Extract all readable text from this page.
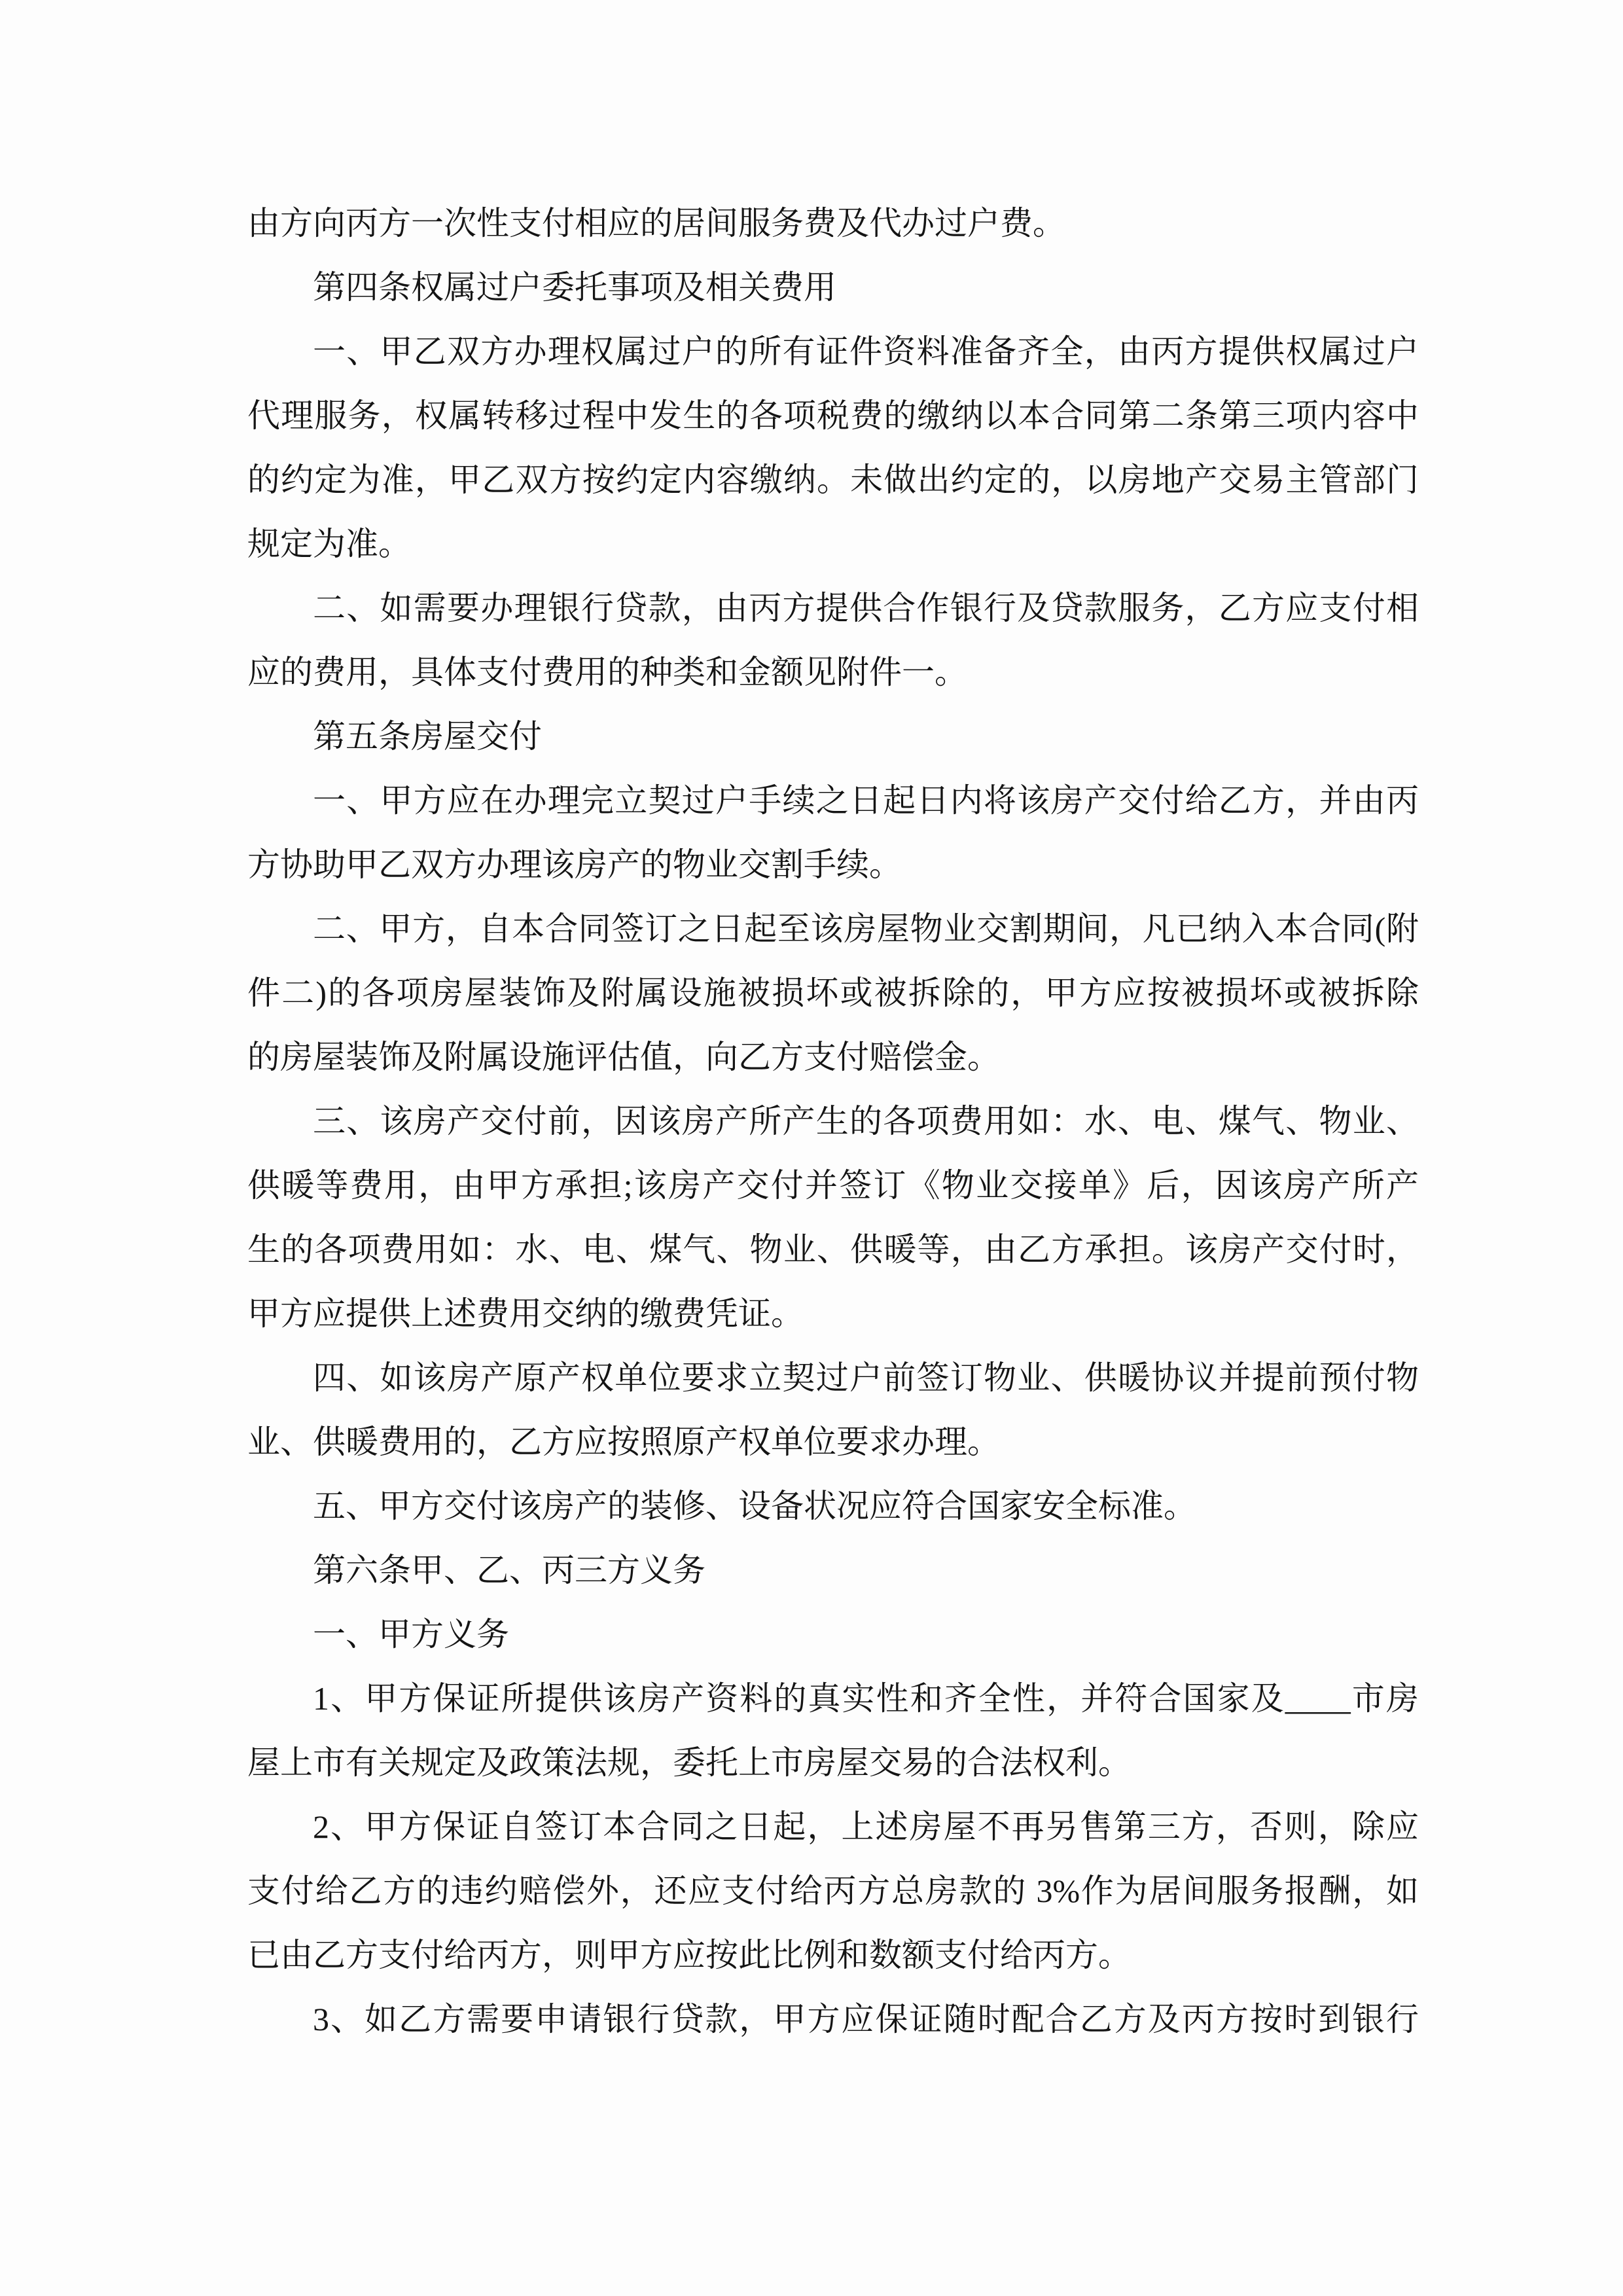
由方向丙方一次性支付相应的居间服务费及代办过户费。
第四条权属过户委托事项及相关费用
一、甲乙双方办理权属过户的所有证件资料准备齐全，由丙方提供权属过户
代理服务，权属转移过程中发生的各项税费的缴纳以本合同第二条第三项内容中
的约定为准，甲乙双方按约定内容缴纳。未做出约定的，以房地产交易主管部门
规定为准。
二、如需要办理银行贷款，由丙方提供合作银行及贷款服务，乙方应支付相
应的费用，具体支付费用的种类和金额见附件一。
第五条房屋交付
一、甲方应在办理完立契过户手续之日起日内将该房产交付给乙方，并由丙
方协助甲乙双方办理该房产的物业交割手续。
二、甲方，自本合同签订之日起至该房屋物业交割期间，凡已纳入本合同(附
件二)的各项房屋装饰及附属设施被损坏或被拆除的，甲方应按被损坏或被拆除
的房屋装饰及附属设施评估值，向乙方支付赔偿金。
三、该房产交付前，因该房产所产生的各项费用如：水、电、煤气、物业、
供暖等费用，由甲方承担;该房产交付并签订《物业交接单》后，因该房产所产
生的各项费用如：水、电、煤气、物业、供暖等，由乙方承担。该房产交付时，
甲方应提供上述费用交纳的缴费凭证。
四、如该房产原产权单位要求立契过户前签订物业、供暖协议并提前预付物
业、供暖费用的，乙方应按照原产权单位要求办理。
五、甲方交付该房产的装修、设备状况应符合国家安全标准。
第六条甲、乙、丙三方义务
一、甲方义务
1、甲方保证所提供该房产资料的真实性和齐全性，并符合国家及____市房
屋上市有关规定及政策法规，委托上市房屋交易的合法权利。
2、甲方保证自签订本合同之日起，上述房屋不再另售第三方，否则，除应
支付给乙方的违约赔偿外，还应支付给丙方总房款的 3%作为居间服务报酬，如
已由乙方支付给丙方，则甲方应按此比例和数额支付给丙方。
3、如乙方需要申请银行贷款，甲方应保证随时配合乙方及丙方按时到银行
